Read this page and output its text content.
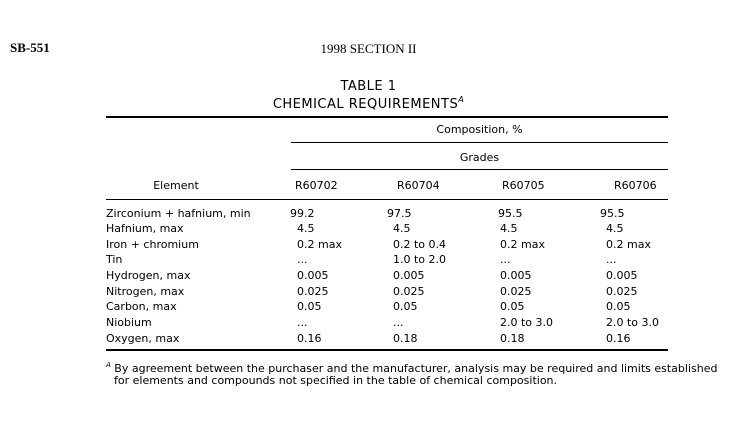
SB-551	1998 SECTION II
TABLE 1
CHEMICAL $REQUIREMENTS^A$
Composition, %
Grades
Element	R60702	R60704	R60705	R60706
Zirconium + hafnium, min	99.2	97.5	95.5	95.5
Hafnium, max	4.5	4.5	4.5	4.5
Iron + chromium	0.2 max	0.2 to 0.4	0.2 max	0.2 max
Tin	...	1.0 to 2.0	...	...
Hydrogen, max	0.005	0.005	0.005	0.005
Nitrogen, max	0.025	0.025	0.025	0.025
Carbon, max	0.05	0.05	0.05	0.05
Niobium	...	...	2.0 to 3.0	2.0 to 3.0
Oxygen, max	0.16	0.18	0.18	0.16
$^A$ By agreement between the purchaser and the manufacturer, analysis may be required and limits established
for elements and compounds not specified in the table of chemical composition.
